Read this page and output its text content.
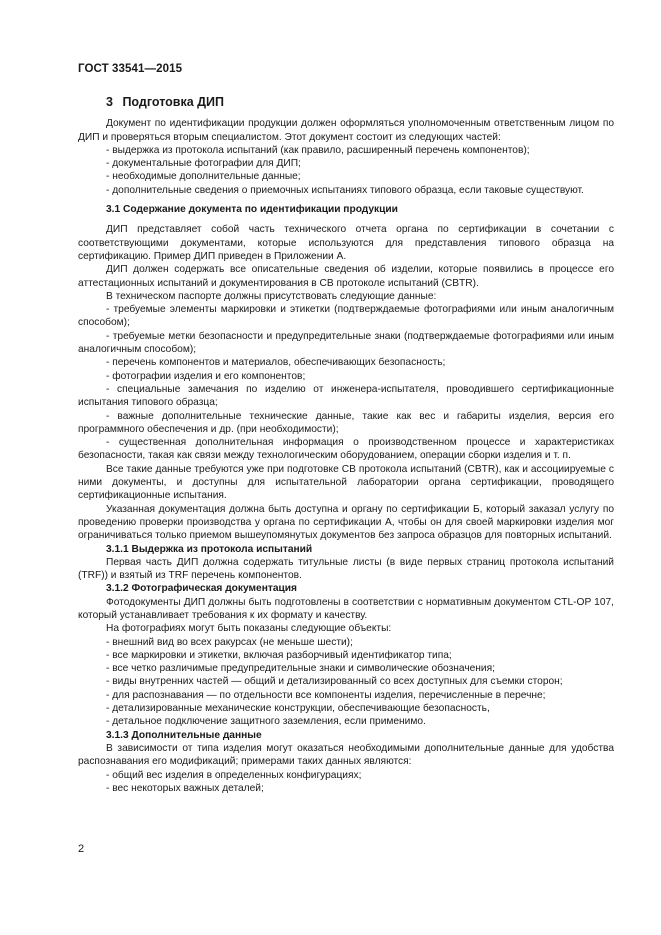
ГОСТ 33541—2015

3 Подготовка ДИП

Документ по идентификации продукции должен оформляться уполномоченным ответственным лицом по ДИП и проверяться вторым специалистом. Этот документ состоит из следующих частей:

- выдержка из протокола испытаний (как правило, расширенный перечень компонентов);

- документальные фотографии для ДИП;

- необходимые дополнительные данные;

- дополнительные сведения о приемочных испытаниях типового образца, если таковые существуют.

3.1 Содержание документа по идентификации продукции

ДИП представляет собой часть технического отчета органа по сертификации в сочетании с соответствующими документами, которые используются для представления типового образца на сертификацию. Пример ДИП приведен в Приложении А.

ДИП должен содержать все описательные сведения об изделии, которые появились в процессе его аттестационных испытаний и документирования в CB протоколе испытаний (CBTR).

В техническом паспорте должны присутствовать следующие данные:

- требуемые элементы маркировки и этикетки (подтверждаемые фотографиями или иным аналогичным способом);

- требуемые метки безопасности и предупредительные знаки (подтверждаемые фотографиями или иным аналогичным способом);

- перечень компонентов и материалов, обеспечивающих безопасность;

- фотографии изделия и его компонентов;

- специальные замечания по изделию от инженера-испытателя, проводившего сертификационные испытания типового образца;

- важные дополнительные технические данные, такие как вес и габариты изделия, версия его программного обеспечения и др. (при необходимости);

- существенная дополнительная информация о производственном процессе и характеристиках безопасности, такая как связи между технологическим оборудованием, операции сборки изделия и т. п.

Все такие данные требуются уже при подготовке CB протокола испытаний (CBTR), как и ассоциируемые с ними документы, и доступны для испытательной лаборатории органа сертификации, проводящего сертификационные испытания.

Указанная документация должна быть доступна и органу по сертификации Б, который заказал услугу по проведению проверки производства у органа по сертификации А, чтобы он для своей маркировки изделия мог ограничиваться только приемом вышеупомянутых документов без запроса образцов для повторных испытаний.

3.1.1 Выдержка из протокола испытаний

Первая часть ДИП должна содержать титульные листы (в виде первых страниц протокола испытаний (TRF)) и взятый из TRF перечень компонентов.

3.1.2 Фотографическая документация

Фотодокументы ДИП должны быть подготовлены в соответствии с нормативным документом CTL-OP 107, который устанавливает требования к их формату и качеству.

На фотографиях могут быть показаны следующие объекты:

- внешний вид во всех ракурсах (не меньше шести);

- все маркировки и этикетки, включая разборчивый идентификатор типа;

- все четко различимые предупредительные знаки и символические обозначения;

- виды внутренних частей — общий и детализированный со всех доступных для съемки сторон;

- для распознавания — по отдельности все компоненты изделия, перечисленные в перечне;

- детализированные механические конструкции, обеспечивающие безопасность,

- детальное подключение защитного заземления, если применимо.

3.1.3 Дополнительные данные

В зависимости от типа изделия могут оказаться необходимыми дополнительные данные для удобства распознавания его модификаций; примерами таких данных являются:

- общий вес изделия в определенных конфигурациях;

- вес некоторых важных деталей;

2
